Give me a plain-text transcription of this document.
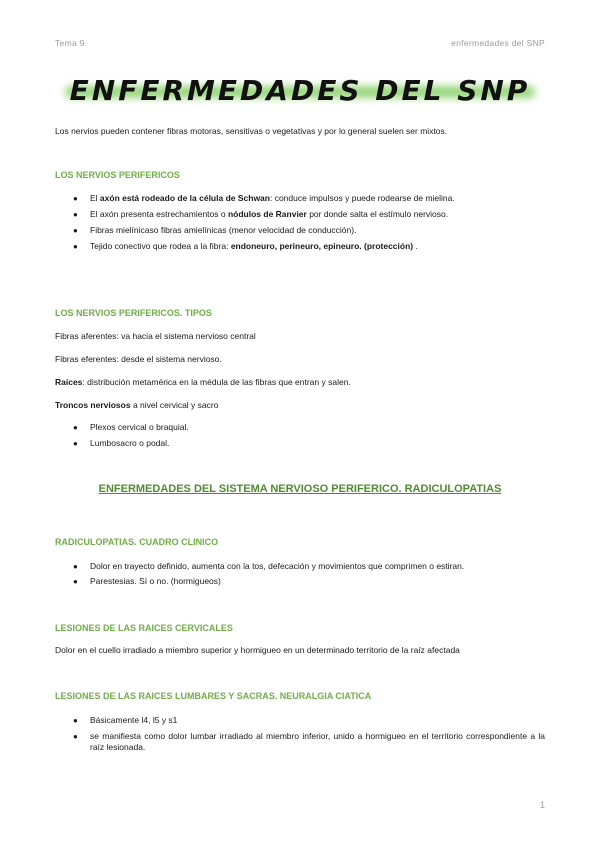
Tema 9	enfermedades del SNP
ENFERMEDADES DEL SNP
Los nervios pueden contener fibras motoras, sensitivas o vegetativas y por lo general suelen ser mixtos.
LOS NERVIOS PERIFERICOS
● El axón está rodeado de la célula de Schwan: conduce impulsos y puede rodearse de mielina.
● El axón presenta estrechamientos o nódulos de Ranvier por donde salta el estímulo nervioso.
● Fibras mielínicaso fibras amielínicas (menor velocidad de conducción).
● Tejido conectivo que rodea a la fibra: endoneuro, perineuro, epineuro. (protección) .
LOS NERVIOS PERIFERICOS. TIPOS
Fibras aferentes: va hacia el sistema nervioso central
Fibras eferentes: desde el sistema nervioso.
Raíces: distribución metamérica en la médula de las fibras que entran y salen.
Troncos nerviosos a nivel cervical y sacro
● Plexos cervical o braquial.
● Lumbosacro o podal.
ENFERMEDADES DEL SISTEMA NERVIOSO PERIFERICO. RADICULOPATIAS
RADICULOPATIAS. CUADRO CLINICO
● Dolor en trayecto definido, aumenta con la tos, defecación y movimientos que comprimen o estiran.
● Parestesias. Sí o no. (hormigueos)
LESIONES DE LAS RAICES CERVICALES
Dolor en el cuello irradiado a miembro superior y hormigueo en un determinado territorio de la raíz afectada
LESIONES DE LAS RAICES LUMBARES Y SACRAS. NEURALGIA CIATICA
● Básicamente l4, l5 y s1
● se manifiesta como dolor lumbar irradiado al miembro inferior, unido a hormigueo en el territorio correspondiente a la raíz lesionada.
1
